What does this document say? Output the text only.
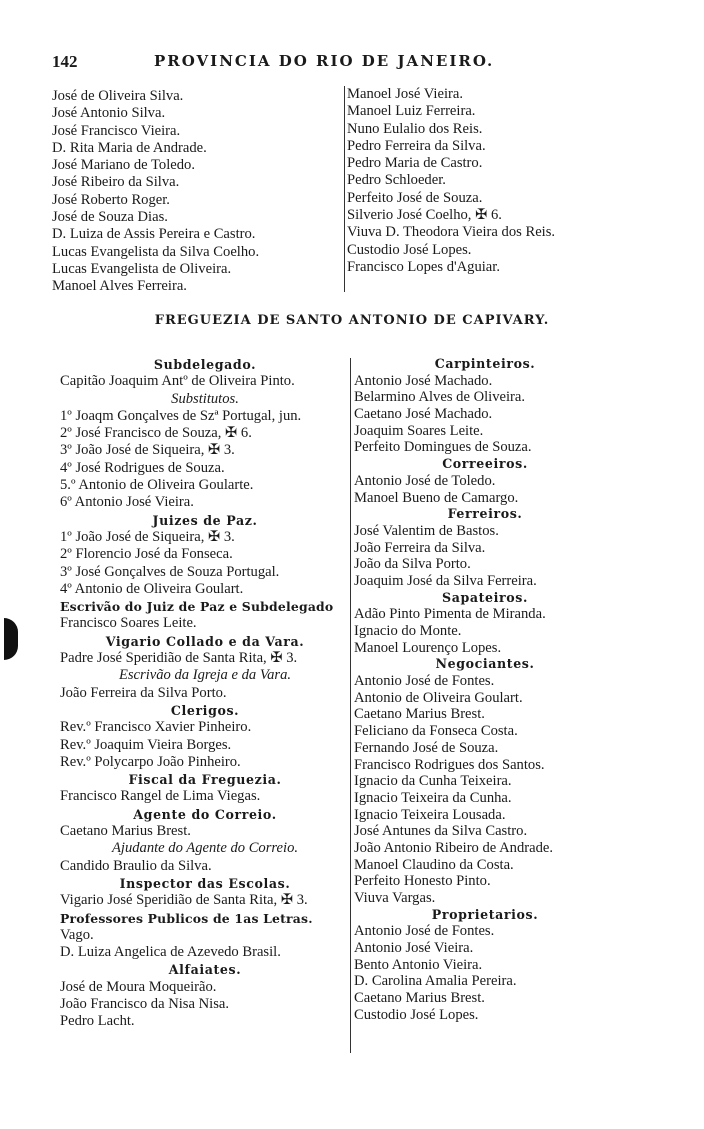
142	PROVINCIA DO RIO DE JANEIRO.
José de Oliveira Silva.
José Antonio Silva.
José Francisco Vieira.
D. Rita Maria de Andrade.
José Mariano de Toledo.
José Ribeiro da Silva.
José Roberto Roger.
José de Souza Dias.
D. Luiza de Assis Pereira e Castro.
Lucas Evangelista da Silva Coelho.
Lucas Evangelista de Oliveira.
Manoel Alves Ferreira.
Manoel José Vieira.
Manoel Luiz Ferreira.
Nuno Eulalio dos Reis.
Pedro Ferreira da Silva.
Pedro Maria de Castro.
Pedro Schloeder.
Perfeito José de Souza.
Silverio José Coelho, ✠ 6.
Viuva D. Theodora Vieira dos Reis.
Custodio José Lopes.
Francisco Lopes d'Aguiar.
FREGUEZIA DE SANTO ANTONIO DE CAPIVARY.
Subdelegado.
Capitão Joaquim Antº de Oliveira Pinto.
Substitutos.
1º Joaqm Gonçalves de Szª Portugal, jun.
2º José Francisco de Souza, ✠ 6.
3º João José de Siqueira, ✠ 3.
4º José Rodrigues de Souza.
5.º Antonio de Oliveira Goularte.
6º Antonio José Vieira.
Juizes de Paz.
1º João José de Siqueira, ✠ 3.
2º Florencio José da Fonseca.
3º José Gonçalves de Souza Portugal.
4º Antonio de Oliveira Goulart.
Escrivão do Juiz de Paz e Subdelegado
Francisco Soares Leite.
Vigario Collado e da Vara.
Padre José Speridião de Santa Rita, ✠ 3.
Escrivão da Igreja e da Vara.
João Ferreira da Silva Porto.
Clerigos.
Rev.º Francisco Xavier Pinheiro.
Rev.º Joaquim Vieira Borges.
Rev.º Polycarpo João Pinheiro.
Fiscal da Freguezia.
Francisco Rangel de Lima Viegas.
Agente do Correio.
Caetano Marius Brest.
Ajudante do Agente do Correio.
Candido Braulio da Silva.
Inspector das Escolas.
Vigario José Speridião de Santa Rita, ✠ 3.
Professores Publicos de 1as Letras.
Vago.
D. Luiza Angelica de Azevedo Brasil.
Alfaiates.
José de Moura Moqueirão.
João Francisco da Nisa Nisa.
Pedro Lacht.
Carpinteiros.
Antonio José Machado.
Belarmino Alves de Oliveira.
Caetano José Machado.
Joaquim Soares Leite.
Perfeito Domingues de Souza.
Correeiros.
Antonio José de Toledo.
Manoel Bueno de Camargo.
Ferreiros.
José Valentim de Bastos.
João Ferreira da Silva.
João da Silva Porto.
Joaquim José da Silva Ferreira.
Sapateiros.
Adão Pinto Pimenta de Miranda.
Ignacio do Monte.
Manoel Lourenço Lopes.
Negociantes.
Antonio José de Fontes.
Antonio de Oliveira Goulart.
Caetano Marius Brest.
Feliciano da Fonseca Costa.
Fernando José de Souza.
Francisco Rodrigues dos Santos.
Ignacio da Cunha Teixeira.
Ignacio Teixeira da Cunha.
Ignacio Teixeira Lousada.
José Antunes da Silva Castro.
João Antonio Ribeiro de Andrade.
Manoel Claudino da Costa.
Perfeito Honesto Pinto.
Viuva Vargas.
Proprietarios.
Antonio José de Fontes.
Antonio José Vieira.
Bento Antonio Vieira.
D. Carolina Amalia Pereira.
Caetano Marius Brest.
Custodio José Lopes.
